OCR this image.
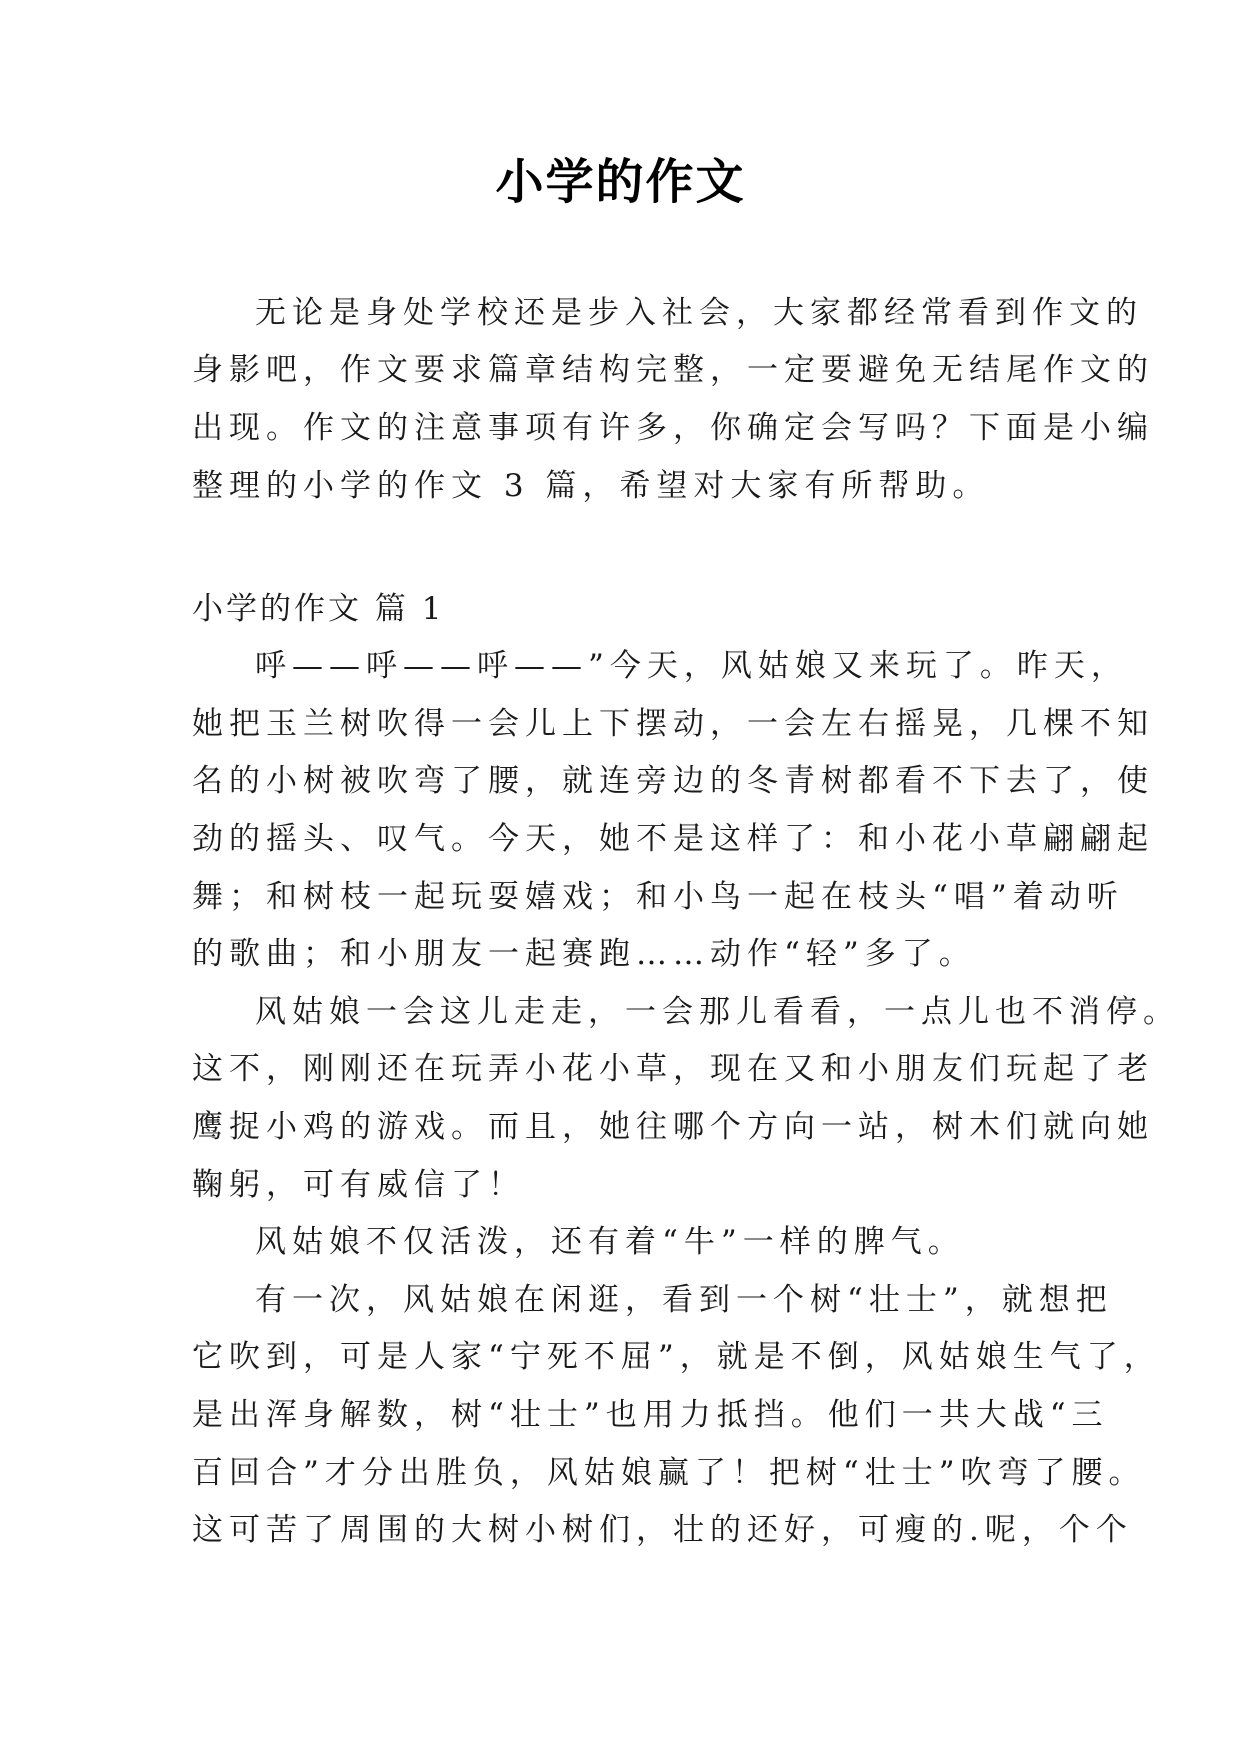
小学的作文
无论是身处学校还是步入社会，大家都经常看到作文的
身影吧，作文要求篇章结构完整，一定要避免无结尾作文的
出现。作文的注意事项有许多，你确定会写吗？下面是小编
整理的小学的作文 3 篇，希望对大家有所帮助。
小学的作文 篇 1
呼——呼——呼——”今天，风姑娘又来玩了。昨天，
她把玉兰树吹得一会儿上下摆动，一会左右摇晃，几棵不知
名的小树被吹弯了腰，就连旁边的冬青树都看不下去了，使
劲的摇头、叹气。今天，她不是这样了：和小花小草翩翩起
舞；和树枝一起玩耍嬉戏；和小鸟一起在枝头“唱”着动听
的歌曲；和小朋友一起赛跑……动作“轻”多了。
风姑娘一会这儿走走，一会那儿看看，一点儿也不消停。
这不，刚刚还在玩弄小花小草，现在又和小朋友们玩起了老
鹰捉小鸡的游戏。而且，她往哪个方向一站，树木们就向她
鞠躬，可有威信了！
风姑娘不仅活泼，还有着“牛”一样的脾气。
有一次，风姑娘在闲逛，看到一个树“壮士”，就想把
它吹到，可是人家“宁死不屈”，就是不倒，风姑娘生气了，
是出浑身解数，树“壮士”也用力抵挡。他们一共大战“三
百回合”才分出胜负，风姑娘赢了！把树“壮士”吹弯了腰。
这可苦了周围的大树小树们，壮的还好，可瘦的.呢，个个
